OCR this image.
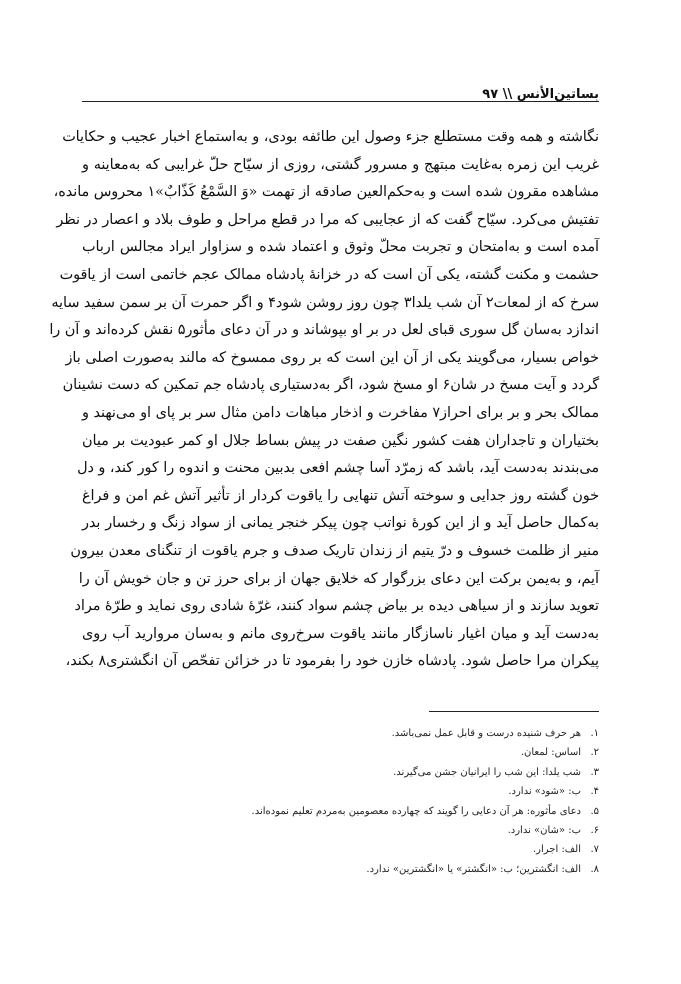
بساتین‌الأنس \\ ۹۷
نگاشته و همه وقت مستطلع جزء وصول این طائفه بودی، و به‌استماع اخبار عجیب و حکایات
غریب این زمره به‌غایت مبتهج و مسرور گشتی، روزی از سیّاح حلّ غرایبی که به‌معاینه و
مشاهده مقرون شده است و به‌حکم‌العین صادقه از تهمت «وَ السَّمْعُ کَذّابٌ»۱ محروس مانده،
تفتیش می‌کرد. سیّاح گفت که از عجایبی که مرا در قطع مراحل و طوف بلاد و اعصار در نظر
آمده است و به‌امتحان و تجربت محلّ وثوق و اعتماد شده و سزاوار ایراد مجالس ارباب
حشمت و مکنت گشته، یکی آن است که در خزانهٔ پادشاه ممالک عجم خاتمی است از یاقوت
سرخ که از لمعات۲ آن شب یلدا۳ چون روز روشن شود۴ و اگر حمرت آن بر سمن سفید سایه
اندازد به‌سان گل سوری قبای لعل در بر او بپوشاند و در آن دعای مأثور۵ نقش کرده‌اند و آن را
خواص بسیار، می‌گویند یکی از آن این است که بر روی ممسوخ که مالند به‌صورت اصلی باز
گردد و آیت مسخ در شان۶ او مسخ شود، اگر به‌دستیاری پادشاه جم تمکین که دست نشینان
ممالک بحر و بر برای احراز۷ مفاخرت و اذخار مباهات دامن مثال سر بر پای او می‌نهند و
بختیاران و تاجداران هفت کشور نگین صفت در پیش بساط جلال او کمر عبودیت بر میان
می‌بندند به‌دست آید، باشد که زمرّد آسا چشم افعی بدبین محنت و اندوه را کور کند، و دل
خون گشته روز جدایی و سوخته آتش تنهایی را یاقوت کردار از تأثیر آتش غم امن و فراغ
به‌کمال حاصل آید و از این کورهٔ نواتب چون پیکر خنجر یمانی از سواد زنگ و رخسار بدر
منیر از ظلمت خسوف و درّ یتیم از زندان تاریک صدف و جرم یاقوت از تنگنای معدن بیرون
آیم، و به‌یمن برکت این دعای بزرگوار که خلایق جهان از برای حرز تن و جان خویش آن را
تعوید سازند و از سیاهی دیده بر بیاض چشم سواد کنند، غرّهٔ شادی روی نماید و طرّهٔ مراد
به‌دست آید و میان اغیار ناسازگار مانند یاقوت سرخ‌روی مانم و به‌سان مروارید آب روی
پیکران مرا حاصل شود. پادشاه خازن خود را بفرمود تا در خزائن تفحّص آن انگشتری۸ بکند،
۱.
هر حرف شنیده درست و قابل عمل نمی‌باشد.
۲.
اساس: لمعان.
۳.
شب یلدا: این شب را ایرانیان جشن می‌گیرند.
۴.
ب: «شود» ندارد.
۵.
دعای مأثوره: هر آن دعایی را گویند که چهارده معصومین به‌مردم تعلیم نموده‌اند.
۶.
ب: «شان» ندارد.
۷.
الف: اجرار.
۸.
الف: انگشترین؛ ب: «انگشتر» یا «انگشترین» ندارد.
